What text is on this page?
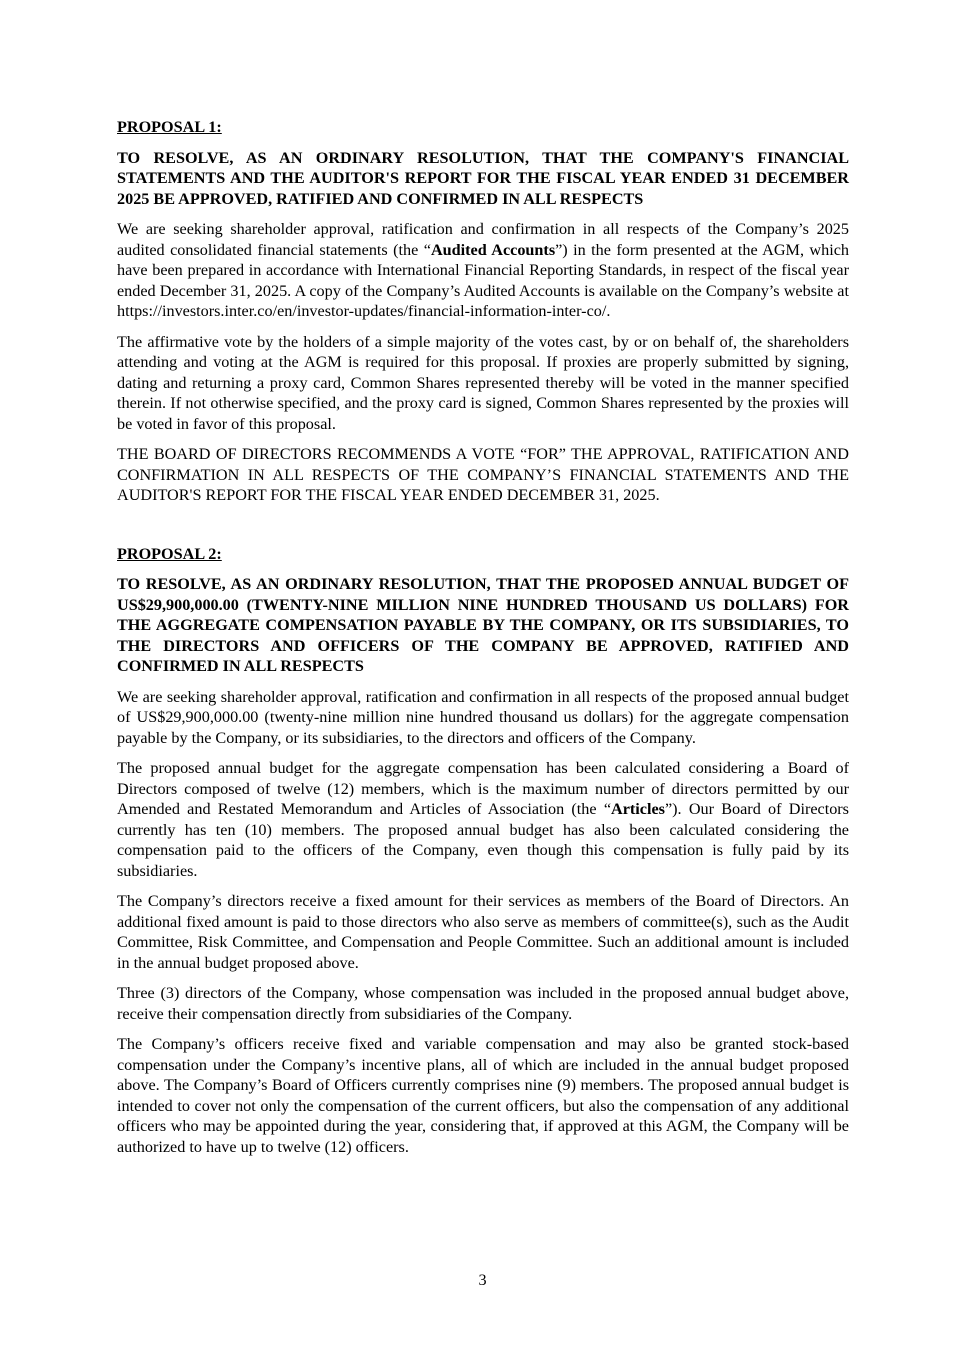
PROPOSAL 1:
TO RESOLVE, AS AN ORDINARY RESOLUTION, THAT THE COMPANY'S FINANCIAL STATEMENTS AND THE AUDITOR'S REPORT FOR THE FISCAL YEAR ENDED 31 DECEMBER 2025 BE APPROVED, RATIFIED AND CONFIRMED IN ALL RESPECTS

We are seeking shareholder approval, ratification and confirmation in all respects of the Company’s 2025 audited consolidated financial statements (the “Audited Accounts”) in the form presented at the AGM, which have been prepared in accordance with International Financial Reporting Standards, in respect of the fiscal year ended December 31, 2025. A copy of the Company’s Audited Accounts is available on the Company’s website at https://investors.inter.co/en/investor-updates/financial-information-inter-co/.

The affirmative vote by the holders of a simple majority of the votes cast, by or on behalf of, the shareholders attending and voting at the AGM is required for this proposal. If proxies are properly submitted by signing, dating and returning a proxy card, Common Shares represented thereby will be voted in the manner specified therein. If not otherwise specified, and the proxy card is signed, Common Shares represented by the proxies will be voted in favor of this proposal.

THE BOARD OF DIRECTORS RECOMMENDS A VOTE “FOR” THE APPROVAL, RATIFICATION AND CONFIRMATION IN ALL RESPECTS OF THE COMPANY’S FINANCIAL STATEMENTS AND THE AUDITOR'S REPORT FOR THE FISCAL YEAR ENDED DECEMBER 31, 2025.

PROPOSAL 2:
TO RESOLVE, AS AN ORDINARY RESOLUTION, THAT THE PROPOSED ANNUAL BUDGET OF US$29,900,000.00 (TWENTY-NINE MILLION NINE HUNDRED THOUSAND US DOLLARS) FOR THE AGGREGATE COMPENSATION PAYABLE BY THE COMPANY, OR ITS SUBSIDIARIES, TO THE DIRECTORS AND OFFICERS OF THE COMPANY BE APPROVED, RATIFIED AND CONFIRMED IN ALL RESPECTS

We are seeking shareholder approval, ratification and confirmation in all respects of the proposed annual budget of US$29,900,000.00 (twenty-nine million nine hundred thousand us dollars) for the aggregate compensation payable by the Company, or its subsidiaries, to the directors and officers of the Company.

The proposed annual budget for the aggregate compensation has been calculated considering a Board of Directors composed of twelve (12) members, which is the maximum number of directors permitted by our Amended and Restated Memorandum and Articles of Association (the “Articles”). Our Board of Directors currently has ten (10) members. The proposed annual budget has also been calculated considering the compensation paid to the officers of the Company, even though this compensation is fully paid by its subsidiaries.

The Company’s directors receive a fixed amount for their services as members of the Board of Directors. An additional fixed amount is paid to those directors who also serve as members of committee(s), such as the Audit Committee, Risk Committee, and Compensation and People Committee. Such an additional amount is included in the annual budget proposed above.

Three (3) directors of the Company, whose compensation was included in the proposed annual budget above, receive their compensation directly from subsidiaries of the Company.

The Company’s officers receive fixed and variable compensation and may also be granted stock-based compensation under the Company’s incentive plans, all of which are included in the annual budget proposed above. The Company’s Board of Officers currently comprises nine (9) members. The proposed annual budget is intended to cover not only the compensation of the current officers, but also the compensation of any additional officers who may be appointed during the year, considering that, if approved at this AGM, the Company will be authorized to have up to twelve (12) officers.

3
